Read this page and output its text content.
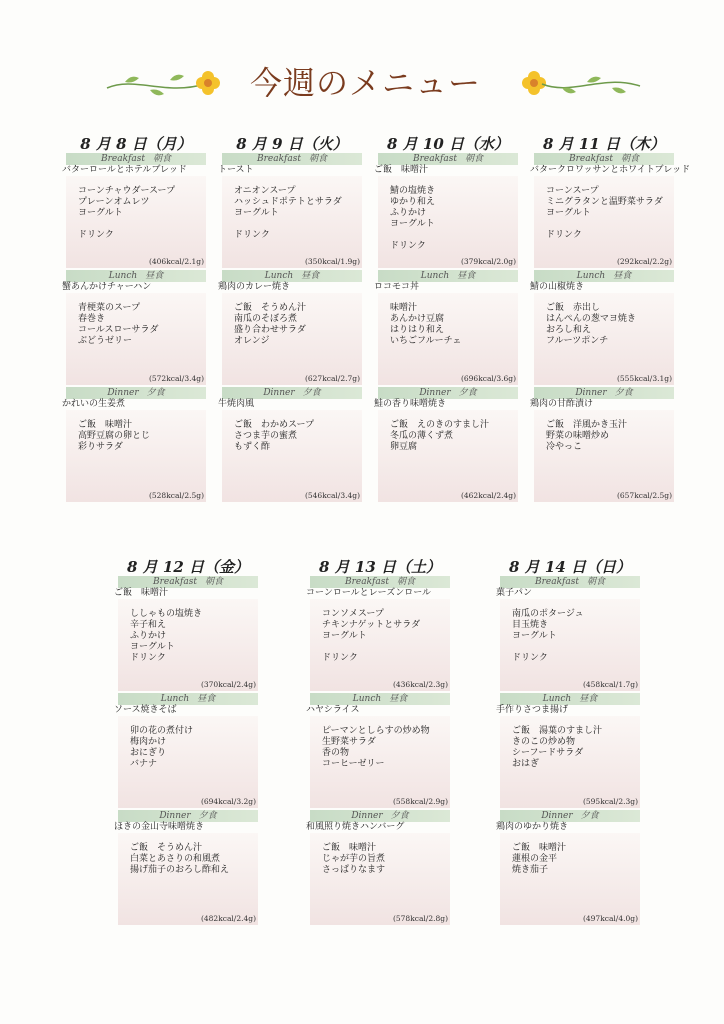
今週のメニュー
8 月 8 日（月）
Breakfast 朝食
バターロールとホテルブレッド
コーンチャウダースープ
プレーンオムレツ
ヨーグルト
ドリンク
(406kcal/2.1g)
Lunch 昼食
蟹あんかけチャーハン
青梗菜のスープ
春巻き
コールスローサラダ
ぶどうゼリー
(572kcal/3.4g)
Dinner 夕食
かれいの生姜煮
ご飯　味噌汁
高野豆腐の卵とじ
彩りサラダ
(528kcal/2.5g)
8 月 9 日（火）
Breakfast 朝食
トースト
オニオンスープ
ハッシュドポテトとサラダ
ヨーグルト
ドリンク
(350kcal/1.9g)
Lunch 昼食
鶏肉のカレー焼き
ご飯　そうめん汁
南瓜のそぼろ煮
盛り合わせサラダ
オレンジ
(627kcal/2.7g)
Dinner 夕食
牛焼肉風
ご飯　わかめスープ
さつま芋の蜜煮
もずく酢
(546kcal/3.4g)
8 月 10 日（水）
Breakfast 朝食
ご飯　味噌汁
鯖の塩焼き
ゆかり和え
ふりかけ
ヨーグルト
ドリンク
(379kcal/2.0g)
Lunch 昼食
ロコモコ丼
味噌汁
あんかけ豆腐
はりはり和え
いちごフルーチェ
(696kcal/3.6g)
Dinner 夕食
鮭の香り味噌焼き
ご飯　えのきのすまし汁
冬瓜の薄くず煮
卵豆腐
(462kcal/2.4g)
8 月 11 日（木）
Breakfast 朝食
バタークロワッサンとホワイトブレッド
コーンスープ
ミニグラタンと温野菜サラダ
ヨーグルト
ドリンク
(292kcal/2.2g)
Lunch 昼食
鯖の山椒焼き
ご飯　赤出し
はんぺんの葱マヨ焼き
おろし和え
フルーツポンチ
(555kcal/3.1g)
Dinner 夕食
鶏肉の甘酢漬け
ご飯　洋風かき玉汁
野菜の味噌炒め
冷やっこ
(657kcal/2.5g)
8 月 12 日（金）
Breakfast 朝食
ご飯　味噌汁
ししゃもの塩焼き
辛子和え
ふりかけ
ヨーグルト
ドリンク
(370kcal/2.4g)
Lunch 昼食
ソース焼きそば
卯の花の煮付け
梅肉かけ
おにぎり
バナナ
(694kcal/3.2g)
Dinner 夕食
ほきの金山寺味噌焼き
ご飯　そうめん汁
白菜とあさりの和風煮
揚げ茄子のおろし酢和え
(482kcal/2.4g)
8 月 13 日（土）
Breakfast 朝食
コーンロールとレーズンロール
コンソメスープ
チキンナゲットとサラダ
ヨーグルト
ドリンク
(436kcal/2.3g)
Lunch 昼食
ハヤシライス
ピーマンとしらすの炒め物
生野菜サラダ
香の物
コーヒーゼリー
(558kcal/2.9g)
Dinner 夕食
和風照り焼きハンバーグ
ご飯　味噌汁
じゃが芋の旨煮
さっぱりなます
(578kcal/2.8g)
8 月 14 日（日）
Breakfast 朝食
菓子パン
南瓜のポタージュ
目玉焼き
ヨーグルト
ドリンク
(458kcal/1.7g)
Lunch 昼食
手作りさつま揚げ
ご飯　湯葉のすまし汁
きのこの炒め物
シーフードサラダ
おはぎ
(595kcal/2.3g)
Dinner 夕食
鶏肉のゆかり焼き
ご飯　味噌汁
蓮根の金平
焼き茄子
(497kcal/4.0g)
